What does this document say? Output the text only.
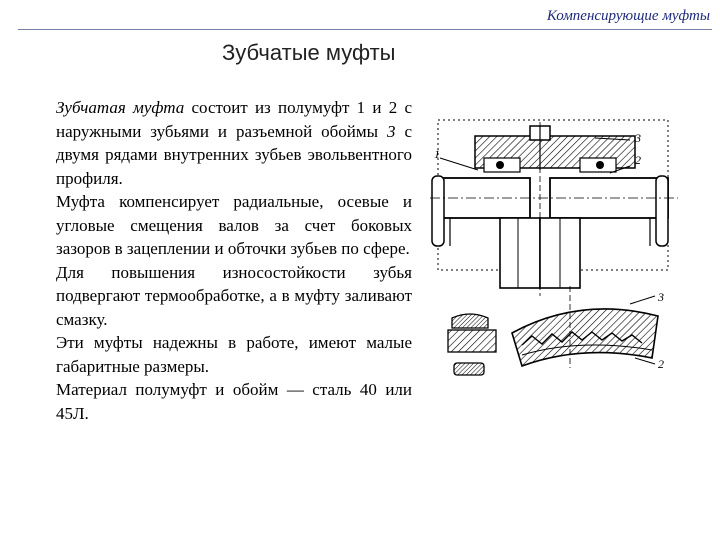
Компенсирующие муфты
Зубчатые муфты

Зубчатая муфта состоит из полумуфт 1 и 2 с наружными зубьями и разъемной обоймы 3 с двумя рядами внутренних зубьев эвольвентного профиля.

Муфта компенсирует радиальные, осевые и угловые смещения валов за счет боковых зазоров в зацеплении и обточки зубьев по сфере.

Для повышения износостойкости зубья подвергают термообработке, а в муфту заливают смазку.

Эти муфты надежны в работе, имеют малые габаритные размеры.

Материал полумуфт и обойм — сталь 40 или 45Л.

1
3
2
3
2
